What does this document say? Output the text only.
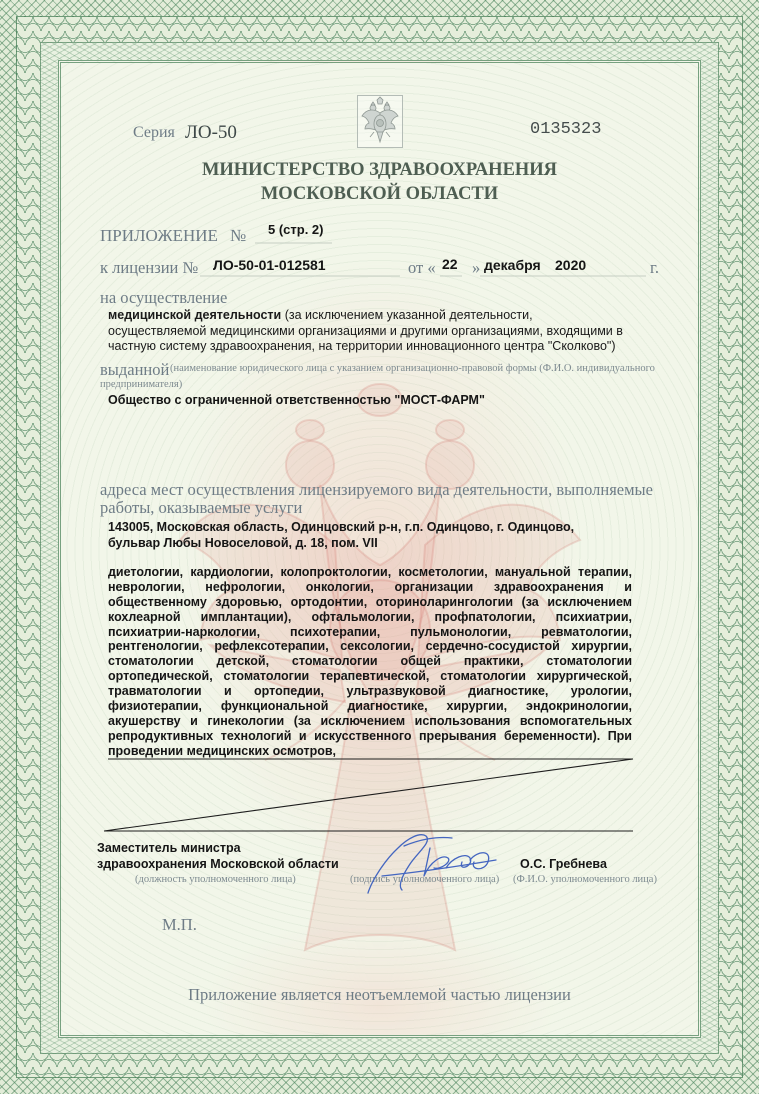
Серия ЛО-50	0135323
МИНИСТЕРСТВО ЗДРАВООХРАНЕНИЯ
МОСКОВСКОЙ ОБЛАСТИ
ПРИЛОЖЕНИЕ № 5 (стр. 2)
к лицензии № ЛО-50-01-012581	от « 22 » декабря 2020	г.
на осуществление
медицинской деятельности (за исключением указанной деятельности,
осуществляемой медицинскими организациями и другими организациями, входящими в
частную систему здравоохранения, на территории инновационного центра "Сколково")
выданной (наименование юридического лица с указанием организационно-правовой формы (Ф.И.О. индивидуального
предпринимателя)
Общество с ограниченной ответственностью "МОСТ-ФАРМ"
адреса мест осуществления лицензируемого вида деятельности, выполняемые
работы, оказываемые услуги
143005, Московская область, Одинцовский р-н, г.п. Одинцово, г. Одинцово,
бульвар Любы Новоселовой, д. 18, пом. VII
диетологии, кардиологии, колопроктологии, косметологии, мануальной терапии,
неврологии, нефрологии, онкологии, организации здравоохранения и
общественному здоровью, ортодонтии, оториноларингологии (за исключением
кохлеарной имплантации), офтальмологии, профпатологии, психиатрии,
психиатрии-наркологии, психотерапии, пульмонологии, ревматологии,
рентгенологии, рефлексотерапии, сексологии, сердечно-сосудистой хирургии,
стоматологии детской, стоматологии общей практики, стоматологии
ортопедической, стоматологии терапевтической, стоматологии хирургической,
травматологии и ортопедии, ультразвуковой диагностике, урологии,
физиотерапии, функциональной диагностике, хирургии, эндокринологии,
акушерству и гинекологии (за исключением использования вспомогательных
репродуктивных технологий и искусственного прерывания беременности). При
проведении медицинских осмотров,
Заместитель министра
здравоохранения Московской области
(должность уполномоченного лица)	(подпись уполномоченного лица)
О.С. Гребнева
(Ф.И.О. уполномоченного лица)
М.П.
Приложение является неотъемлемой частью лицензии
